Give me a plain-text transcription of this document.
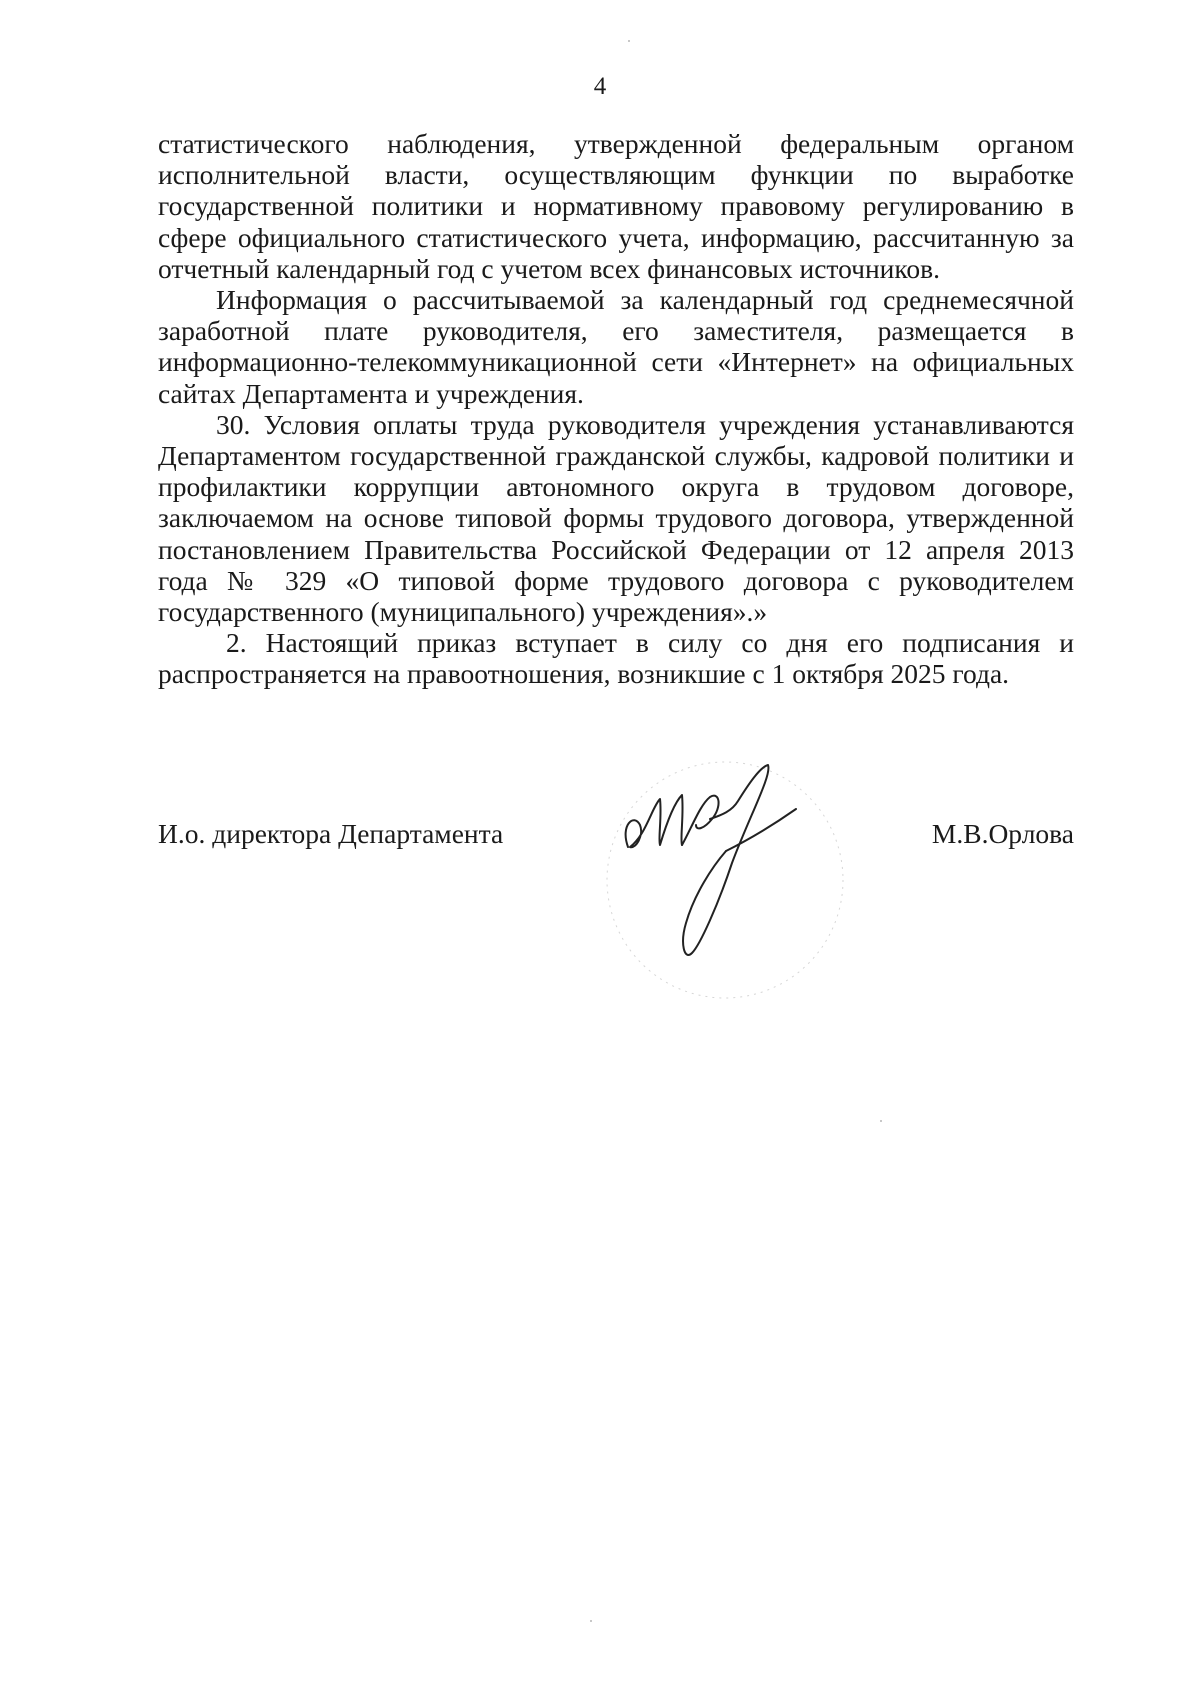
4

статистического наблюдения, утвержденной федеральным органом исполнительной власти, осуществляющим функции по выработке государственной политики и нормативному правовому регулированию в сфере официального статистического учета, информацию, рассчитанную за отчетный календарный год с учетом всех финансовых источников.

Информация о рассчитываемой за календарный год среднемесячной заработной плате руководителя, его заместителя, размещается в информационно-телекоммуникационной сети «Интернет» на официальных сайтах Департамента и учреждения.

30. Условия оплаты труда руководителя учреждения устанавливаются Департаментом государственной гражданской службы, кадровой политики и профилактики коррупции автономного округа в трудовом договоре, заключаемом на основе типовой формы трудового договора, утвержденной постановлением Правительства Российской Федерации от 12 апреля 2013 года № 329 «О типовой форме трудового договора с руководителем государственного (муниципального) учреждения».»

2. Настоящий приказ вступает в силу со дня его подписания и распространяется на правоотношения, возникшие с 1 октября 2025 года.

И.о. директора Департамента	М.В.Орлова
